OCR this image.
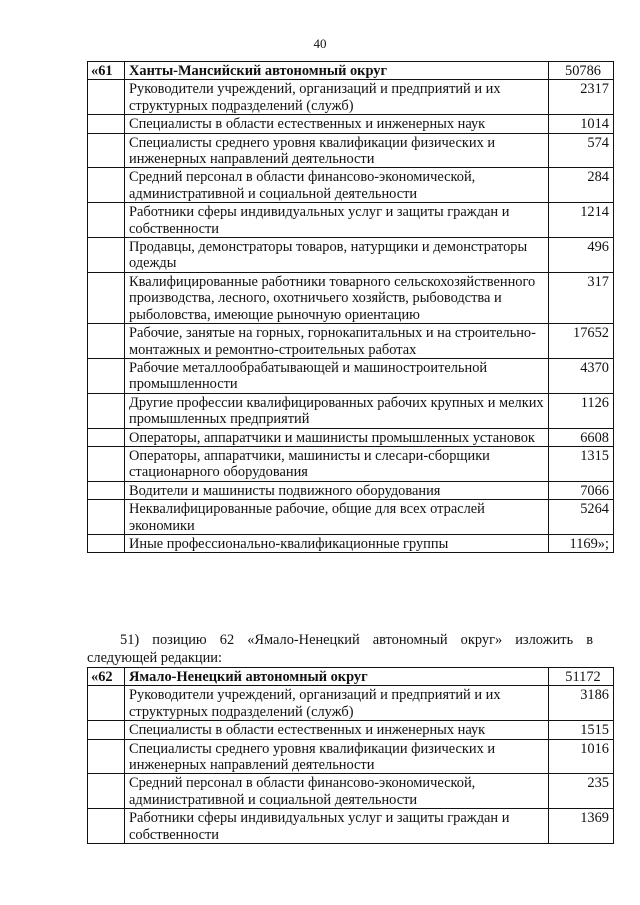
40
«61	Ханты-Мансийский автономный округ	50786
	Руководители учреждений, организаций и предприятий и их структурных подразделений (служб)	2317
	Специалисты в области естественных и инженерных наук	1014
	Специалисты среднего уровня квалификации физических и инженерных направлений деятельности	574
	Средний персонал в области финансово-экономической, административной и социальной деятельности	284
	Работники сферы индивидуальных услуг и защиты граждан и собственности	1214
	Продавцы, демонстраторы товаров, натурщики и демонстраторы одежды	496
	Квалифицированные работники товарного сельскохозяйственного производства, лесного, охотничьего хозяйств, рыбоводства и рыболовства, имеющие рыночную ориентацию	317
	Рабочие, занятые на горных, горнокапитальных и на строительно-монтажных и ремонтно-строительных работах	17652
	Рабочие металлообрабатывающей и машиностроительной промышленности	4370
	Другие профессии квалифицированных рабочих крупных и мелких промышленных предприятий	1126
	Операторы, аппаратчики и машинисты промышленных установок	6608
	Операторы, аппаратчики, машинисты и слесари-сборщики стационарного оборудования	1315
	Водители и машинисты подвижного оборудования	7066
	Неквалифицированные рабочие, общие для всех отраслей экономики	5264
	Иные профессионально-квалификационные группы	1169»;
51) позицию 62 «Ямало-Ненецкий автономный округ» изложить в следующей редакции:
«62	Ямало-Ненецкий автономный округ	51172
	Руководители учреждений, организаций и предприятий и их структурных подразделений (служб)	3186
	Специалисты в области естественных и инженерных наук	1515
	Специалисты среднего уровня квалификации физических и инженерных направлений деятельности	1016
	Средний персонал в области финансово-экономической, административной и социальной деятельности	235
	Работники сферы индивидуальных услуг и защиты граждан и собственности	1369
